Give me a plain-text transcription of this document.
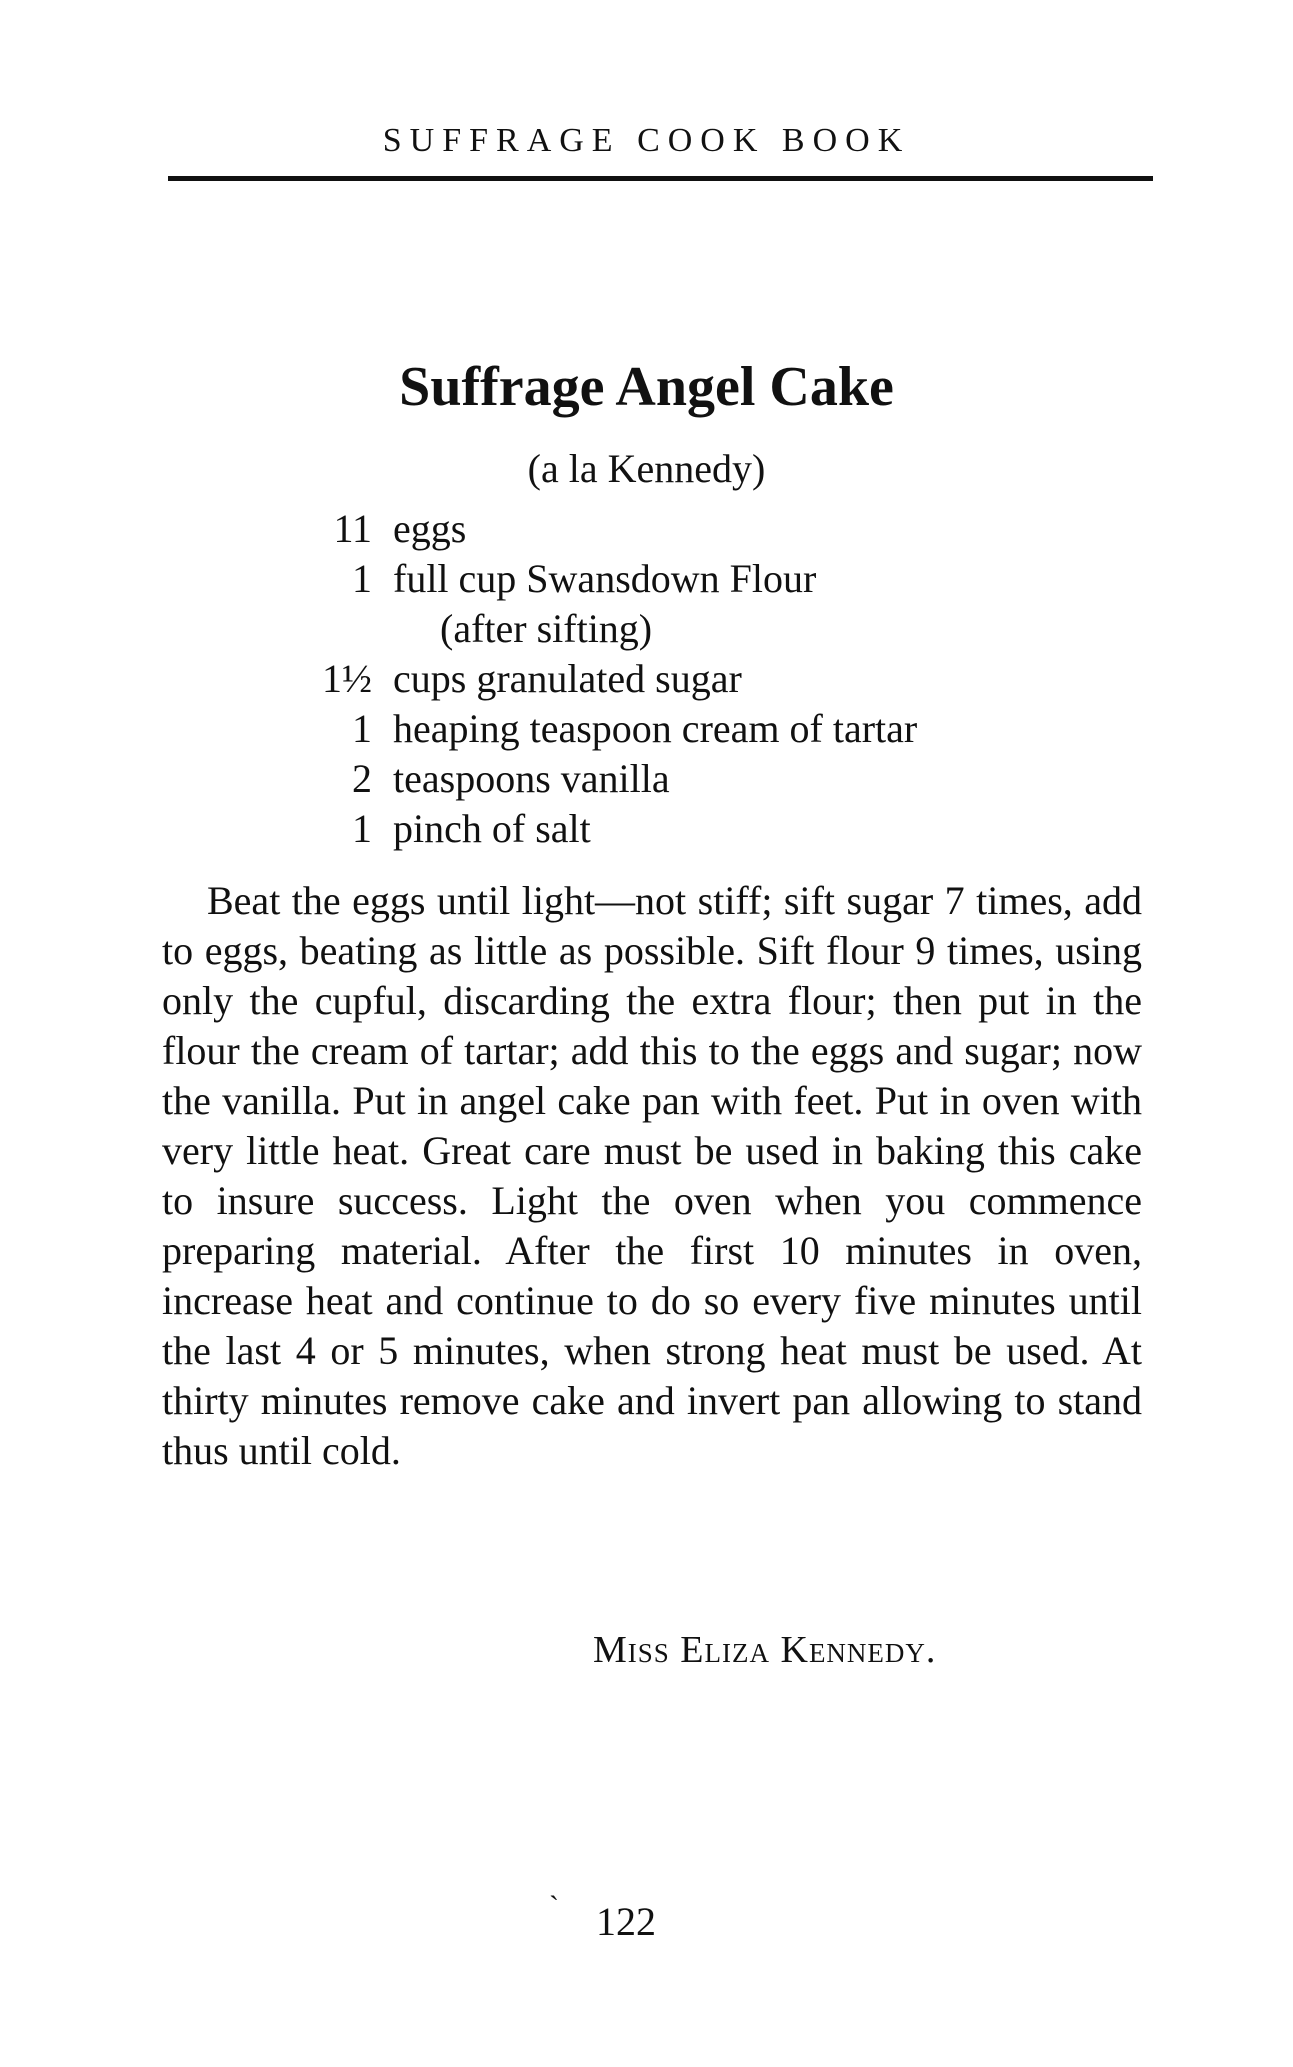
SUFFRAGE COOK BOOK
Suffrage Angel Cake
(a la Kennedy)
11 eggs
1 full cup Swansdown Flour
(after sifting)
1½ cups granulated sugar
1 heaping teaspoon cream of tartar
2 teaspoons vanilla
1 pinch of salt

Beat the eggs until light—not stiff; sift sugar 7 times, add to eggs, beating as little as possible. Sift flour 9 times, using only the cupful, discarding the extra flour; then put in the flour the cream of tartar; add this to the eggs and sugar; now the vanilla. Put in angel cake pan with feet. Put in oven with very little heat. Great care must be used in baking this cake to insure success. Light the oven when you commence preparing material. After the first 10 minutes in oven, increase heat and continue to do so every five minutes until the last 4 or 5 minutes, when strong heat must be used. At thirty minutes remove cake and invert pan allowing to stand thus until cold.

Miss Eliza Kennedy.
` 122
